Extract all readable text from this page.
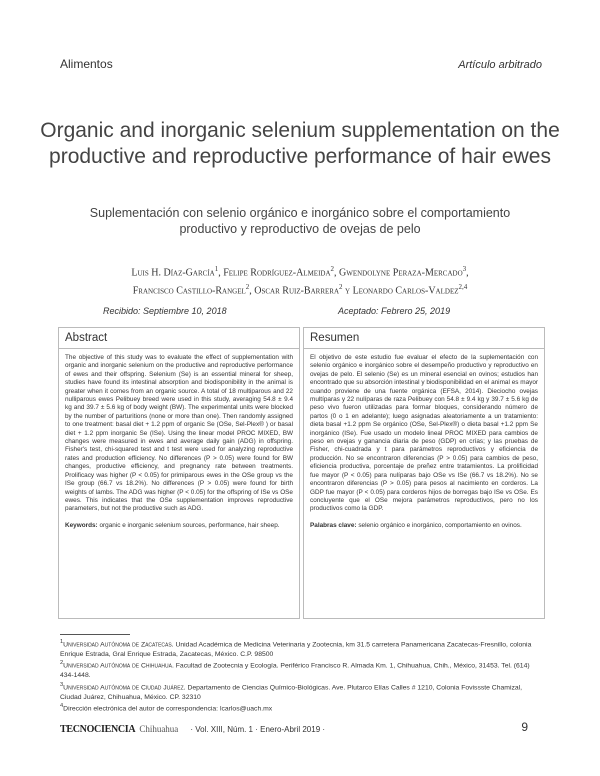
Alimentos	Artículo arbitrado
Organic and inorganic selenium supplementation on the productive and reproductive performance of hair ewes
Suplementación con selenio orgánico e inorgánico sobre el comportamiento productivo y reproductivo de ovejas de pelo
Luis H. Díaz-García$^1$, Felipe Rodríguez-Almeida$^2$, Gwendolyne Peraza-Mercado$^3$,
Francisco Castillo-Rangel$^2$, Oscar Ruiz-Barrera$^2$ y Leonardo Carlos-Valdez$^{2,4}$
Recibido: Septiembre 10, 2018	Aceptado: Febrero 25, 2019
Abstract

The objective of this study was to evaluate the effect of supplementation with organic and inorganic selenium on the productive and reproductive performance of ewes and their offspring. Selenium (Se) is an essential mineral for sheep, studies have found its intestinal absorption and biodisponibility in the animal is greater when it comes from an organic source. A total of 18 multiparous and 22 nulliparous ewes Pelibuey breed were used in this study, averaging 54.8 ± 9.4 kg and 39.7 ± 5.6 kg of body weight (BW). The experimental units were blocked by the number of parturitions (none or more than one). Then randomly assigned to one treatment: basal diet + 1.2 ppm of organic Se (OSe, Sel-Plex® ) or basal diet + 1.2 ppm inorganic Se (ISe). Using the linear model PROC MIXED, BW changes were measured in ewes and average daily gain (ADG) in offspring. Fisher's test, chi-squared test and t test were used for analyzing reproductive rates and production efficiency. No differences (P > 0.05) were found for BW changes, productive efficiency, and pregnancy rate between treatments. Prolificacy was higher (P < 0.05) for primiparous ewes in the OSe group vs the ISe group (66.7 vs 18.2%). No differences (P > 0.05) were found for birth weights of lambs. The ADG was higher (P < 0.05) for the offspring of ISe vs OSe ewes. This indicates that the OSe supplementation improves reproductive parameters, but not the productive such as ADG.

Keywords: organic e inorganic selenium sources, performance, hair sheep.

Resumen

El objetivo de este estudio fue evaluar el efecto de la suplementación con selenio orgánico e inorgánico sobre el desempeño productivo y reproductivo en ovejas de pelo. El selenio (Se) es un mineral esencial en ovinos; estudios han encontrado que su absorción intestinal y biodisponibilidad en el animal es mayor cuando proviene de una fuente orgánica (EFSA, 2014). Dieciocho ovejas multíparas y 22 nulíparas de raza Pelibuey con 54.8 ± 9.4 kg y 39.7 ± 5.6 kg de peso vivo fueron utilizadas para formar bloques, considerando número de partos (0 o 1 en adelante); luego asignadas aleatoriamente a un tratamiento: dieta basal +1.2 ppm Se orgánico (OSe, Sel-Plex®) o dieta basal +1.2 ppm Se inorgánico (ISe). Fue usado un modelo lineal PROC MIXED para cambios de peso en ovejas y ganancia diaria de peso (GDP) en crías; y las pruebas de Fisher, chi-cuadrada y t para parámetros reproductivos y eficiencia de producción. No se encontraron diferencias (P > 0.05) para cambios de peso, eficiencia productiva, porcentaje de preñez entre tratamientos. La prolificidad fue mayor (P < 0.05) para nulíparas bajo OSe vs ISe (66.7 vs 18.2%). No se encontraron diferencias (P > 0.05) para pesos al nacimiento en corderos. La GDP fue mayor (P < 0.05) para corderos hijos de borregas bajo ISe vs OSe. Es concluyente que el OSe mejora parámetros reproductivos, pero no los productivos como la GDP.

Palabras clave: selenio orgánico e inorgánico, comportamiento en ovinos.

$^1$Universidad Autónoma de Zacatecas. Unidad Académica de Medicina Veterinaria y Zootecnia, km 31.5 carretera Panamericana Zacatecas-Fresnillo, colonia Enrique Estrada, Gral Enrique Estrada, Zacatecas, México. C.P. 98500

$^2$Universidad Autónoma de Chihuahua. Facultad de Zootecnia y Ecología. Periférico Francisco R. Almada Km. 1, Chihuahua, Chih., México, 31453. Tel. (614) 434-1448.

$^3$Universidad Autónoma de Ciudad Juárez. Departamento de Ciencias Químico-Biológicas. Ave. Plutarco Elías Calles # 1210, Colonia Fovissste Chamizal, Ciudad Juárez, Chihuahua, México. CP. 32310

$^4$Dirección electrónica del autor de correspondencia: lcarlos@uach.mx

TECNOCIENCIA Chihuahua · Vol. XIII, Núm. 1 · Enero-Abril 2019 ·	9
